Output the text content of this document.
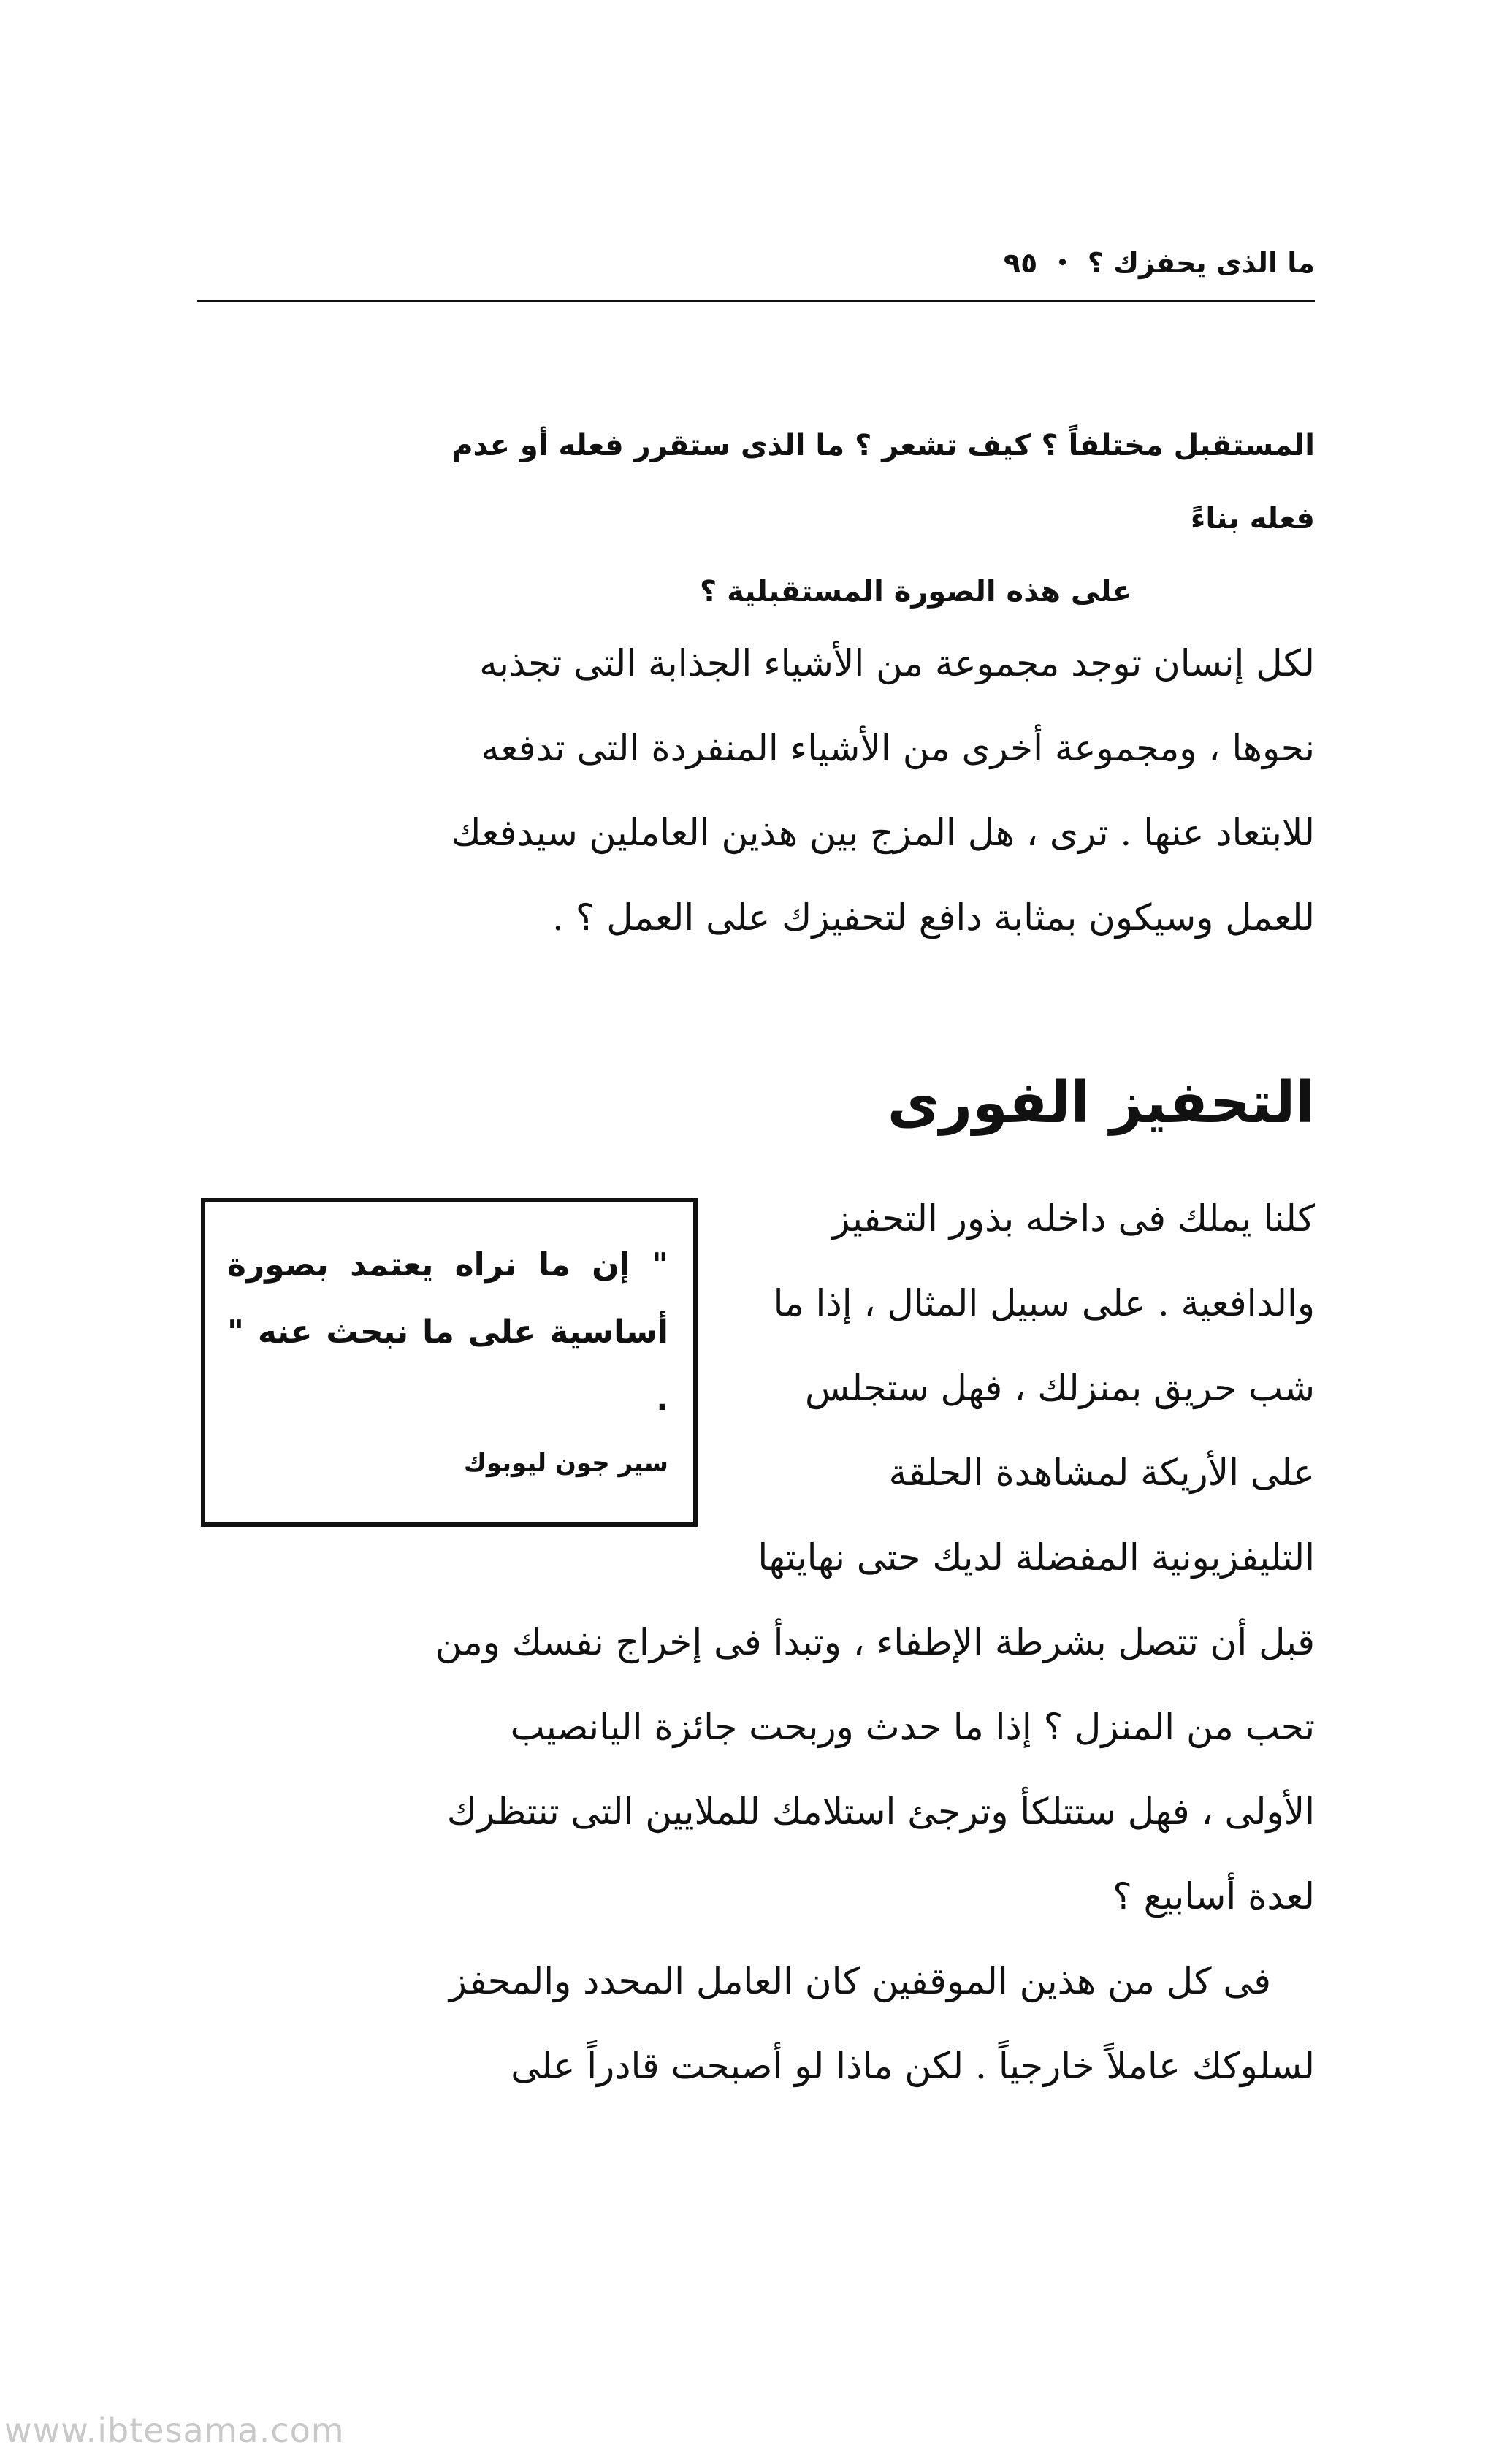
ما الذى يحفزك ؟
•
٩٥

المستقبل مختلفاً ؟ كيف تشعر ؟ ما الذى ستقرر فعله أو عدم فعله بناءً

على هذه الصورة المستقبلية ؟

لكل إنسان توجد مجموعة من الأشياء الجذابة التى تجذبه

نحوها ، ومجموعة أخرى من الأشياء المنفردة التى تدفعه

للابتعاد عنها . ترى ، هل المزج بين هذين العاملين سيدفعك

للعمل وسيكون بمثابة دافع لتحفيزك على العمل ؟ .

التحفيز الفورى

" إن ما نراه يعتمد بصورة أساسية على ما نبحث عنه " .

سير جون ليوبوك

كلنا يملك فى داخله بذور التحفيز

والدافعية . على سبيل المثال ، إذا ما

شب حريق بمنزلك ، فهل ستجلس

على الأريكة لمشاهدة الحلقة

التليفزيونية المفضلة لديك حتى نهايتها

قبل أن تتصل بشرطة الإطفاء ، وتبدأ فى إخراج نفسك ومن

تحب من المنزل ؟ إذا ما حدث وربحت جائزة اليانصيب

الأولى ، فهل ستتلكأ وترجئ استلامك للملايين التى تنتظرك

لعدة أسابيع ؟

فى كل من هذين الموقفين كان العامل المحدد والمحفز

لسلوكك عاملاً خارجياً . لكن ماذا لو أصبحت قادراً على

www.ibtesama.com
